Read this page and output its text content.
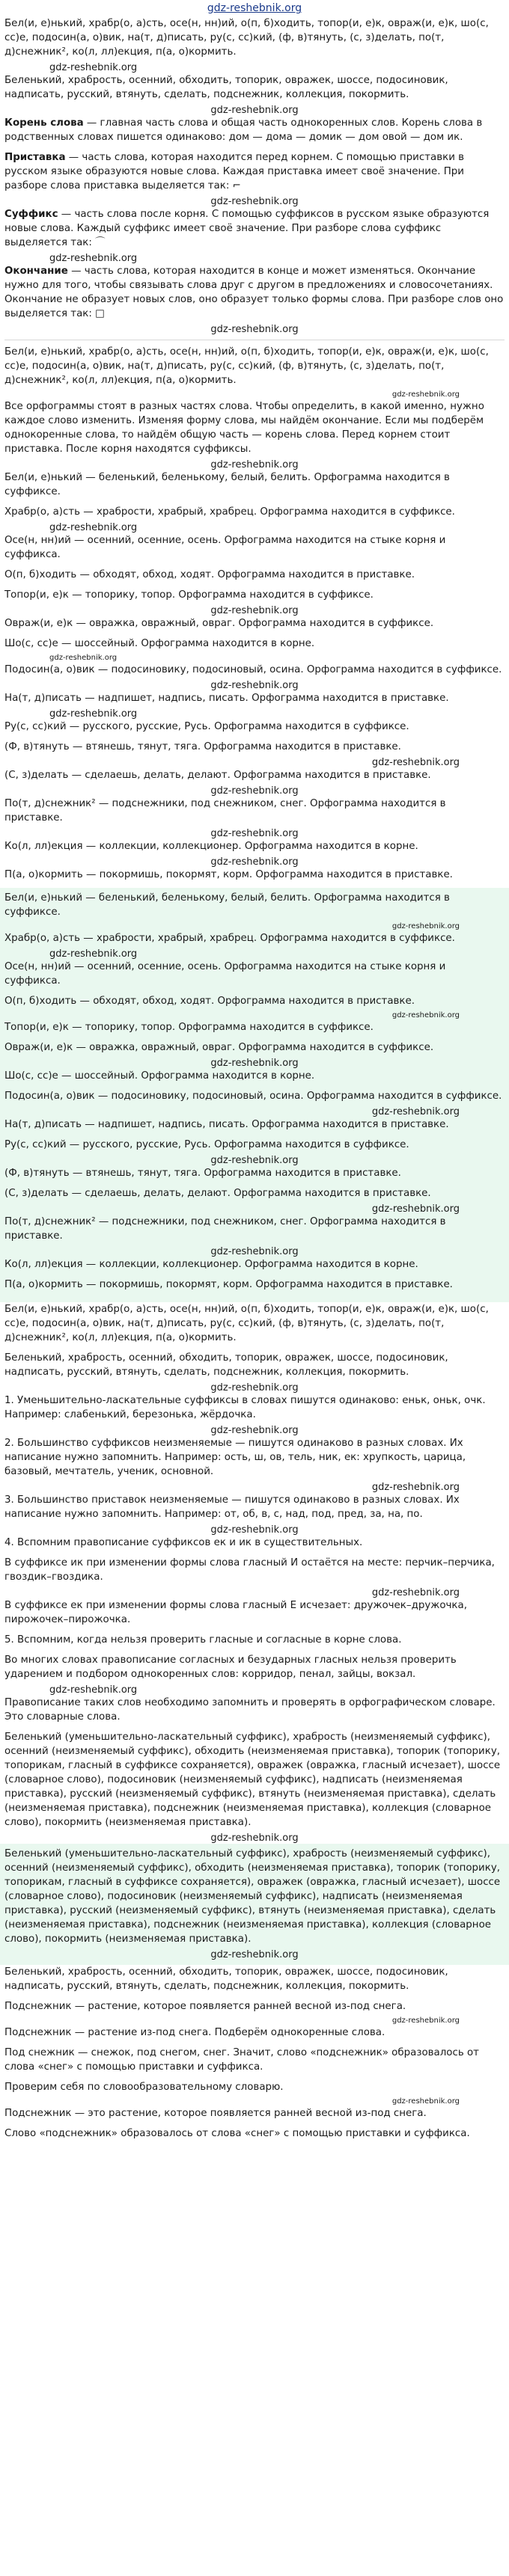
gdz-reshebnik.org

Бел(и, е)нький, храбр(о, а)сть, осе(н, нн)ий, о(п, б)ходить, топор(и, е)к, овраж(и, е)к, шо(с, сс)е, подосин(а, о)вик, на(т, д)писать, ру(с, сс)кий, (ф, в)тянуть, (с, з)делать, по(т, д)снежник², ко(л, лл)екция, п(а, о)кормить.

gdz-reshebnik.org

Беленький, храбрость, осенний, обходить, топорик, овражек, шоссе, подосиновик, надписать, русский, втянуть, сделать, подснежник, коллекция, покормить.

gdz-reshebnik.org

Корень слова — главная часть слова и общая часть однокоренных слов. Корень слова в родственных словах пишется одинаково: дом — дома — домик — дом овой — дом ик.

Приставка — часть слова, которая находится перед корнем. С помощью приставки в русском языке образуются новые слова. Каждая приставка имеет своё значение. При разборе слова приставка выделяется так: ⌐

gdz-reshebnik.org

Суффикс — часть слова после корня. С помощью суффиксов в русском языке образуются новые слова. Каждый суффикс имеет своё значение. При разборе слова суффикс выделяется так: ⌒

gdz-reshebnik.org

Окончание — часть слова, которая находится в конце и может изменяться. Окончание нужно для того, чтобы связывать слова друг с другом в предложениях и словосочетаниях. Окончание не образует новых слов, оно образует только формы слова. При разборе слов оно выделяется так: □

gdz-reshebnik.org

Бел(и, е)нький, храбр(о, а)сть, осе(н, нн)ий, о(п, б)ходить, топор(и, е)к, овраж(и, е)к, шо(с, сс)е, подосин(а, о)вик, на(т, д)писать, ру(с, сс)кий, (ф, в)тянуть, (с, з)делать, по(т, д)снежник², ко(л, лл)екция, п(а, о)кормить.

gdz-reshebnik.org

Все орфограммы стоят в разных частях слова. Чтобы определить, в какой именно, нужно каждое слово изменить. Изменяя форму слова, мы найдём окончание. Если мы подберём однокоренные слова, то найдём общую часть — корень слова. Перед корнем стоит приставка. После корня находятся суффиксы.

gdz-reshebnik.org

Бел(и, е)нький — беленький, беленькому, белый, белить. Орфограмма находится в суффиксе.

Храбр(о, а)сть — храбрости, храбрый, храбрец. Орфограмма находится в суффиксе.

gdz-reshebnik.org

Осе(н, нн)ий — осенний, осенние, осень. Орфограмма находится на стыке корня и суффикса.

О(п, б)ходить — обходят, обход, ходят. Орфограмма находится в приставке.

Топор(и, е)к — топорику, топор. Орфограмма находится в суффиксе.

gdz-reshebnik.org

Овраж(и, е)к — овражка, овражный, овраг. Орфограмма находится в суффиксе.

Шо(с, сс)е — шоссейный. Орфограмма находится в корне.

gdz-reshebnik.org

Подосин(а, о)вик — подосиновику, подосиновый, осина. Орфограмма находится в суффиксе.

gdz-reshebnik.org

На(т, д)писать — надпишет, надпись, писать. Орфограмма находится в приставке.

gdz-reshebnik.org

Ру(с, сс)кий — русского, русские, Русь. Орфограмма находится в суффиксе.

(Ф, в)тянуть — втянешь, тянут, тяга. Орфограмма находится в приставке.

gdz-reshebnik.org

(С, з)делать — сделаешь, делать, делают. Орфограмма находится в приставке.

gdz-reshebnik.org

По(т, д)снежник² — подснежники, под снежником, снег. Орфограмма находится в приставке.

gdz-reshebnik.org

Ко(л, лл)екция — коллекции, коллекционер. Орфограмма находится в корне.

gdz-reshebnik.org

П(а, о)кормить — покормишь, покормят, корм. Орфограмма находится в приставке.

Бел(и, е)нький — беленький, беленькому, белый, белить. Орфограмма находится в суффиксе.

gdz-reshebnik.org

Храбр(о, а)сть — храбрости, храбрый, храбрец. Орфограмма находится в суффиксе.

gdz-reshebnik.org

Осе(н, нн)ий — осенний, осенние, осень. Орфограмма находится на стыке корня и суффикса.

О(п, б)ходить — обходят, обход, ходят. Орфограмма находится в приставке.

gdz-reshebnik.org

Топор(и, е)к — топорику, топор. Орфограмма находится в суффиксе.

Овраж(и, е)к — овражка, овражный, овраг. Орфограмма находится в суффиксе.

gdz-reshebnik.org

Шо(с, сс)е — шоссейный. Орфограмма находится в корне.

Подосин(а, о)вик — подосиновику, подосиновый, осина. Орфограмма находится в суффиксе.

gdz-reshebnik.org

На(т, д)писать — надпишет, надпись, писать. Орфограмма находится в приставке.

Ру(с, сс)кий — русского, русские, Русь. Орфограмма находится в суффиксе.

gdz-reshebnik.org

(Ф, в)тянуть — втянешь, тянут, тяга. Орфограмма находится в приставке.

(С, з)делать — сделаешь, делать, делают. Орфограмма находится в приставке.

gdz-reshebnik.org

По(т, д)снежник² — подснежники, под снежником, снег. Орфограмма находится в приставке.

gdz-reshebnik.org

Ко(л, лл)екция — коллекции, коллекционер. Орфограмма находится в корне.

П(а, о)кормить — покормишь, покормят, корм. Орфограмма находится в приставке.

Бел(и, е)нький, храбр(о, а)сть, осе(н, нн)ий, о(п, б)ходить, топор(и, е)к, овраж(и, е)к, шо(с, сс)е, подосин(а, о)вик, на(т, д)писать, ру(с, сс)кий, (ф, в)тянуть, (с, з)делать, по(т, д)снежник², ко(л, лл)екция, п(а, о)кормить.

Беленький, храбрость, осенний, обходить, топорик, овражек, шоссе, подосиновик, надписать, русский, втянуть, сделать, подснежник, коллекция, покормить.

gdz-reshebnik.org

1. Уменьшительно-ласкательные суффиксы в словах пишутся одинаково: еньк, оньк, очк. Например: слабенький, березонька, жёрдочка.

gdz-reshebnik.org

2. Большинство суффиксов неизменяемые — пишутся одинаково в разных словах. Их написание нужно запомнить. Например: ость, ш, ов, тель, ник, ек: хрупкость, царица, базовый, мечтатель, ученик, основной.

gdz-reshebnik.org

3. Большинство приставок неизменяемые — пишутся одинаково в разных словах. Их написание нужно запомнить. Например: от, об, в, с, над, под, пред, за, на, по.

gdz-reshebnik.org

4. Вспомним правописание суффиксов ек и ик в существительных.

В суффиксе ик при изменении формы слова гласный И остаётся на месте: перчик–перчика, гвоздик–гвоздика.

gdz-reshebnik.org

В суффиксе ек при изменении формы слова гласный Е исчезает: дружочек–дружочка, пирожочек–пирожочка.

5. Вспомним, когда нельзя проверить гласные и согласные в корне слова.

Во многих словах правописание согласных и безударных гласных нельзя проверить ударением и подбором однокоренных слов: корридор, пенал, зайцы, вокзал.

gdz-reshebnik.org

Правописание таких слов необходимо запомнить и проверять в орфографическом словаре. Это словарные слова.

Беленький (уменьшительно-ласкательный суффикс), храбрость (неизменяемый суффикс), осенний (неизменяемый суффикс), обходить (неизменяемая приставка), топорик (топорику, топорикам, гласный в суффиксе сохраняется), овражек (овражка, гласный исчезает), шоссе (словарное слово), подосиновик (неизменяемый суффикс), надписать (неизменяемая приставка), русский (неизменяемый суффикс), втянуть (неизменяемая приставка), сделать (неизменяемая приставка), подснежник (неизменяемая приставка), коллекция (словарное слово), покормить (неизменяемая приставка).

gdz-reshebnik.org

Беленький (уменьшительно-ласкательный суффикс), храбрость (неизменяемый суффикс), осенний (неизменяемый суффикс), обходить (неизменяемая приставка), топорик (топорику, топорикам, гласный в суффиксе сохраняется), овражек (овражка, гласный исчезает), шоссе (словарное слово), подосиновик (неизменяемый суффикс), надписать (неизменяемая приставка), русский (неизменяемый суффикс), втянуть (неизменяемая приставка), сделать (неизменяемая приставка), подснежник (неизменяемая приставка), коллекция (словарное слово), покормить (неизменяемая приставка).

gdz-reshebnik.org

Беленький, храбрость, осенний, обходить, топорик, овражек, шоссе, подосиновик, надписать, русский, втянуть, сделать, подснежник, коллекция, покормить.

Подснежник — растение, которое появляется ранней весной из-под снега.

gdz-reshebnik.org

Подснежник — растение из-под снега. Подберём однокоренные слова.

Под снежник — снежок, под снегом, снег. Значит, слово «подснежник» образовалось от слова «снег» с помощью приставки и суффикса.

Проверим себя по словообразовательному словарю.

gdz-reshebnik.org

Подснежник — это растение, которое появляется ранней весной из-под снега.

Слово «подснежник» образовалось от слова «снег» с помощью приставки и суффикса.
